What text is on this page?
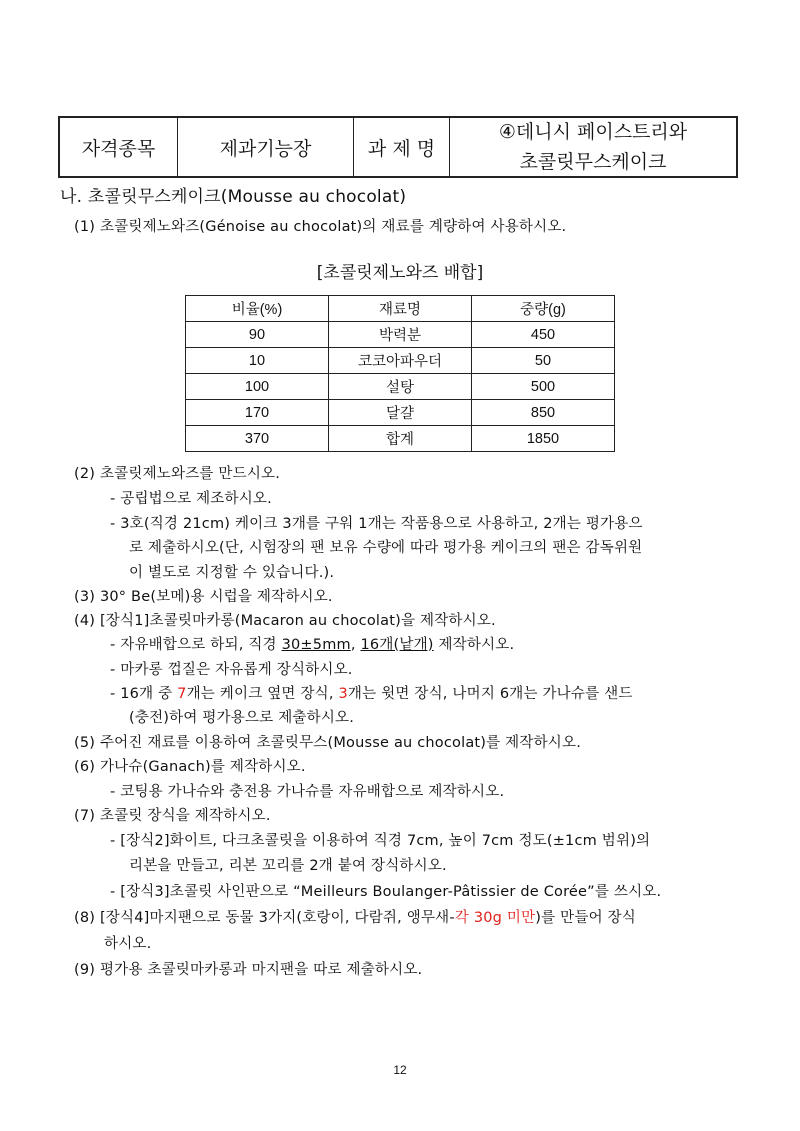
자격종목	제과기능장	과 제 명
④데니시 페이스트리와
초콜릿무스케이크
나. 초콜릿무스케이크(Mousse au chocolat)
(1) 초콜릿제노와즈(Génoise au chocolat)의 재료를 계량하여 사용하시오.
[초콜릿제노와즈 배합]
비율(%)	재료명	중량(g)
90	박력분	450
10	코코아파우더	50
100	설탕	500
170	달걀	850
370	합계	1850
(2) 초콜릿제노와즈를 만드시오.
- 공립법으로 제조하시오.
- 3호(직경 21cm) 케이크 3개를 구워 1개는 작품용으로 사용하고, 2개는 평가용으
로 제출하시오(단, 시험장의 팬 보유 수량에 따라 평가용 케이크의 팬은 감독위원
이 별도로 지정할 수 있습니다.).
(3) 30° Be(보메)용 시럽을 제작하시오.
(4) [장식1]초콜릿마카롱(Macaron au chocolat)을 제작하시오.
- 자유배합으로 하되, 직경 30±5mm, 16개(낱개) 제작하시오.
- 마카롱 껍질은 자유롭게 장식하시오.
- 16개 중 7개는 케이크 옆면 장식, 3개는 윗면 장식, 나머지 6개는 가나슈를 샌드
(충전)하여 평가용으로 제출하시오.
(5) 주어진 재료를 이용하여 초콜릿무스(Mousse au chocolat)를 제작하시오.
(6) 가나슈(Ganach)를 제작하시오.
- 코팅용 가나슈와 충전용 가나슈를 자유배합으로 제작하시오.
(7) 초콜릿 장식을 제작하시오.
- [장식2]화이트, 다크초콜릿을 이용하여 직경 7cm, 높이 7cm 정도(±1cm 범위)의
리본을 만들고, 리본 꼬리를 2개 붙여 장식하시오.
- [장식3]초콜릿 사인판으로 “Meilleurs Boulanger-Pâtissier de Corée”를 쓰시오.
(8) [장식4]마지팬으로 동물 3가지(호랑이, 다람쥐, 앵무새-각 30g 미만)를 만들어 장식
하시오.
(9) 평가용 초콜릿마카롱과 마지팬을 따로 제출하시오.
12
